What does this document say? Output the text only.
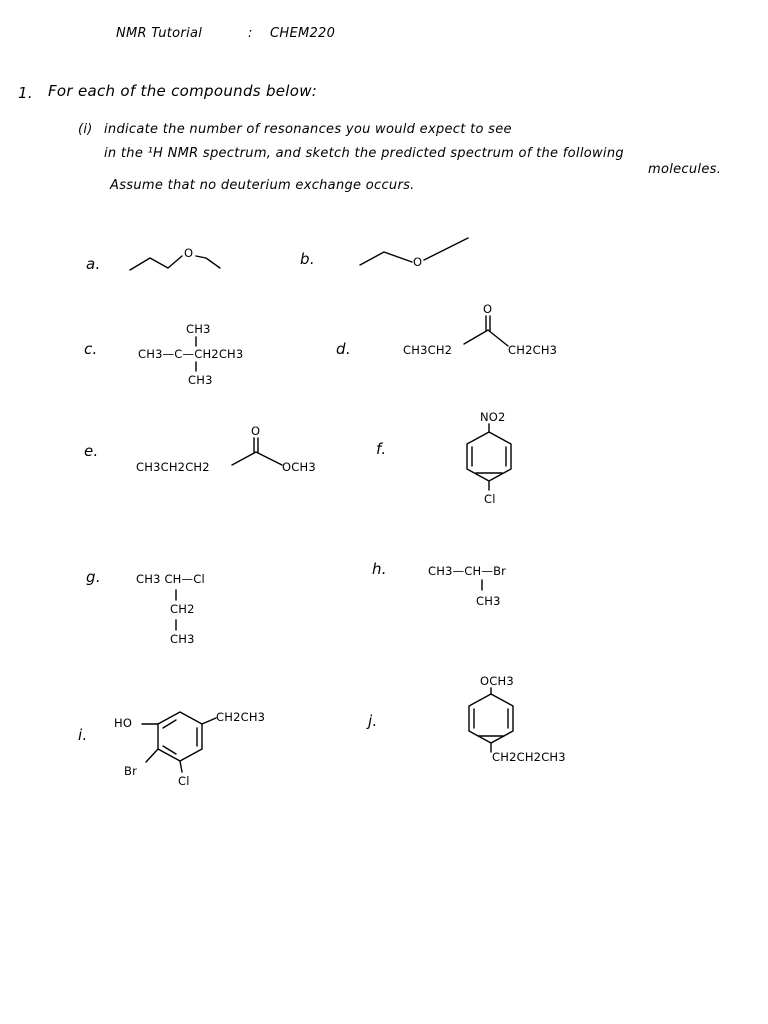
NMR Tutorial	: CHEM220
1. For each of the compounds below:
(i) indicate the number of resonances you would expect to see
in the ¹H NMR spectrum, and sketch the predicted spectrum of the following
molecules.
Assume that no deuterium exchange occurs.
a.
O	b.	O
c.
CH3
CH3—C—CH2CH3
CH3
d.
O
CH3CH2	CH2CH3
e.
O
CH3CH2CH2	OCH3
f.
NO2
Cl
g.	CH3 CH—Cl
CH2
CH3
h.	CH3—CH—Br
CH3
i.
HO	CH2CH3
Br
Cl
j.
OCH3
CH2CH2CH3
